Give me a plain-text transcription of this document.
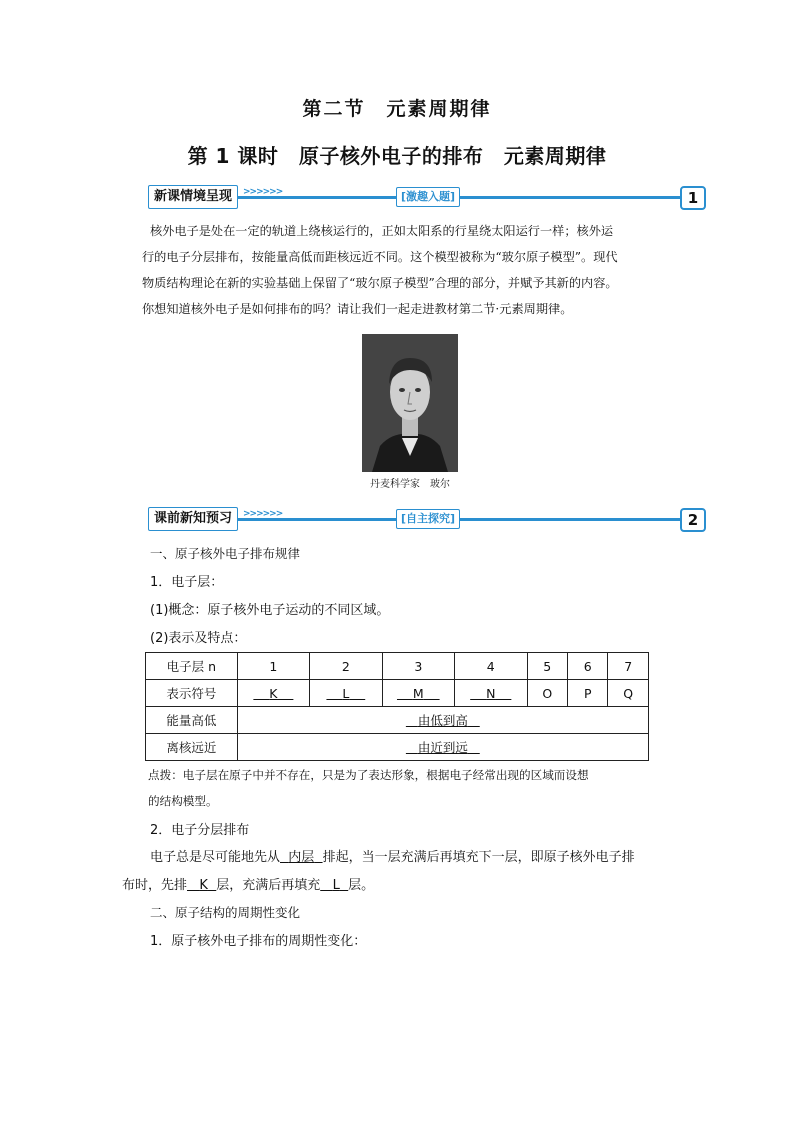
第二节　元素周期律
第 1 课时　原子核外电子的排布　元素周期律
新课情境呈现	>>>>>>	[激趣入题]	1
核外电子是处在一定的轨道上绕核运行的，正如太阳系的行星绕太阳运行一样；核外运
行的电子分层排布，按能量高低而距核远近不同。这个模型被称为“玻尔原子模型”。现代
物质结构理论在新的实验基础上保留了“玻尔原子模型”合理的部分，并赋予其新的内容。
你想知道核外电子是如何排布的吗？请让我们一起走进教材第二节·元素周期律。
丹麦科学家　玻尔
课前新知预习	>>>>>>	[自主探究]	2
一、原子核外电子排布规律
1．电子层：
(1)概念：原子核外电子运动的不同区域。
(2)表示及特点：
电子层 n	1	2	3	4	5	6	7
表示符号	K	L	M	N	O	P	Q
能量高低	由低到高						
离核远近	由近到远						
点拨：电子层在原子中并不存在，只是为了表达形象，根据电子经常出现的区域而设想
的结构模型。
2．电子分层排布
电子总是尽可能地先从 内层 排起，当一层充满后再填充下一层，即原子核外电子排
布时，先排 K 层，充满后再填充 L 层。
二、原子结构的周期性变化
1．原子核外电子排布的周期性变化：
